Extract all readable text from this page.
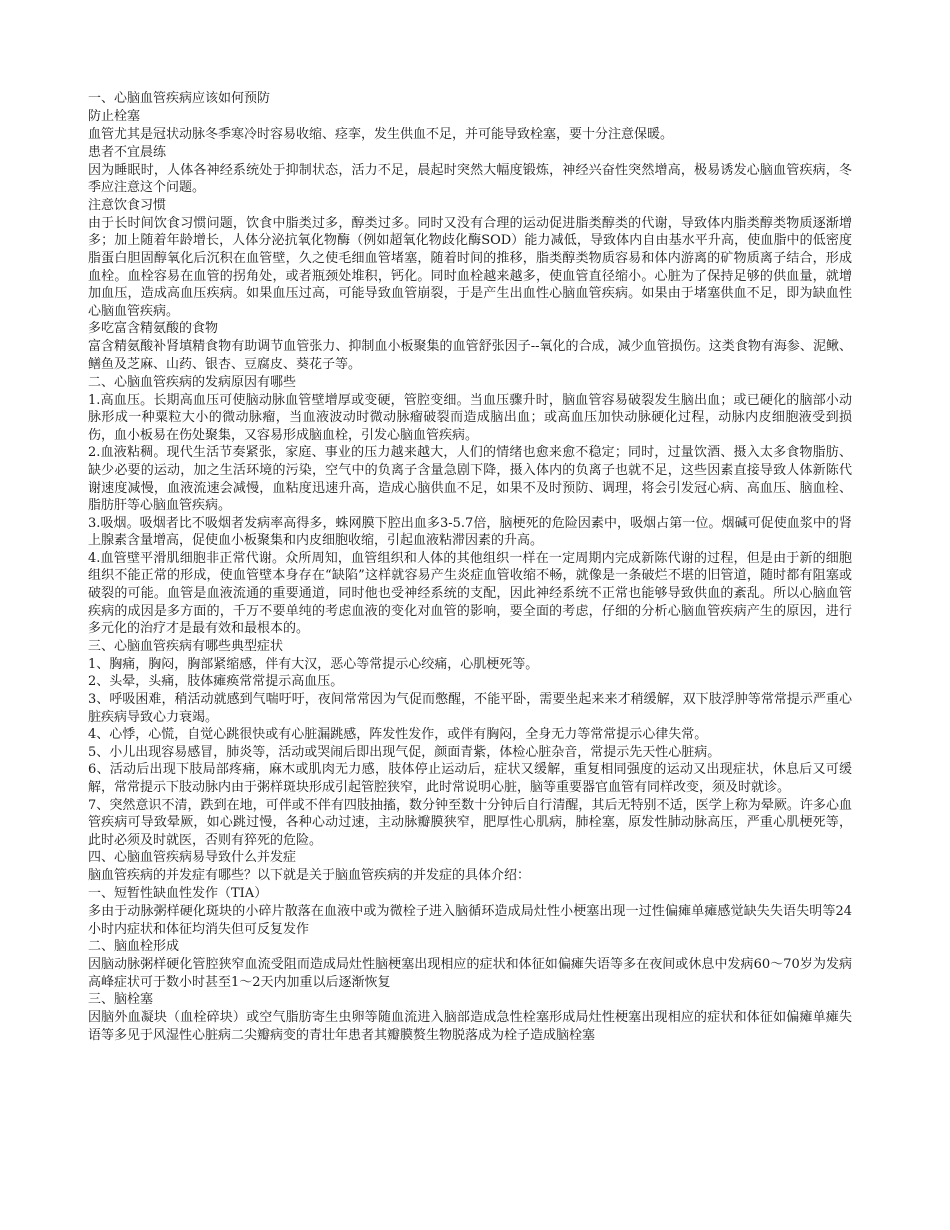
一、心脑血管疾病应该如何预防

防止栓塞

血管尤其是冠状动脉冬季寒冷时容易收缩、痉挛，发生供血不足，并可能导致栓塞，要十分注意保暖。

患者不宜晨练

因为睡眠时，人体各神经系统处于抑制状态，活力不足，晨起时突然大幅度锻炼，神经兴奋性突然增高，极易诱发心脑血管疾病，冬季应注意这个问题。

注意饮食习惯

由于长时间饮食习惯问题，饮食中脂类过多，醇类过多。同时又没有合理的运动促进脂类醇类的代谢，导致体内脂类醇类物质逐渐增多；加上随着年龄增长，人体分泌抗氧化物酶（例如超氧化物歧化酶SOD）能力减低，导致体内自由基水平升高，使血脂中的低密度脂蛋白胆固醇氧化后沉积在血管壁，久之使毛细血管堵塞，随着时间的推移，脂类醇类物质容易和体内游离的矿物质离子结合，形成血栓。血栓容易在血管的拐角处，或者瓶颈处堆积，钙化。同时血栓越来越多，使血管直径缩小。心脏为了保持足够的供血量，就增加血压，造成高血压疾病。如果血压过高，可能导致血管崩裂，于是产生出血性心脑血管疾病。如果由于堵塞供血不足，即为缺血性心脑血管疾病。

多吃富含精氨酸的食物

富含精氨酸补肾填精食物有助调节血管张力、抑制血小板聚集的血管舒张因子--氧化的合成，减少血管损伤。这类食物有海参、泥鳅、鳝鱼及芝麻、山药、银杏、豆腐皮、葵花子等。

二、心脑血管疾病的发病原因有哪些

1.高血压。长期高血压可使脑动脉血管壁增厚或变硬，管腔变细。当血压骤升时，脑血管容易破裂发生脑出血；或已硬化的脑部小动脉形成一种粟粒大小的微动脉瘤，当血液波动时微动脉瘤破裂而造成脑出血；或高血压加快动脉硬化过程，动脉内皮细胞液受到损伤，血小板易在伤处聚集，又容易形成脑血栓，引发心脑血管疾病。

2.血液粘稠。现代生活节奏紧张，家庭、事业的压力越来越大，人们的情绪也愈来愈不稳定；同时，过量饮酒、摄入太多食物脂肪、缺少必要的运动，加之生活环境的污染，空气中的负离子含量急剧下降，摄入体内的负离子也就不足，这些因素直接导致人体新陈代谢速度减慢，血液流速会减慢，血粘度迅速升高，造成心脑供血不足，如果不及时预防、调理，将会引发冠心病、高血压、脑血栓、脂肪肝等心脑血管疾病。

3.吸烟。吸烟者比不吸烟者发病率高得多，蛛网膜下腔出血多3-5.7倍，脑梗死的危险因素中，吸烟占第一位。烟碱可促使血浆中的肾上腺素含量增高，促使血小板聚集和内皮细胞收缩，引起血液粘滞因素的升高。

4.血管壁平滑肌细胞非正常代谢。众所周知，血管组织和人体的其他组织一样在一定周期内完成新陈代谢的过程，但是由于新的细胞组织不能正常的形成，使血管壁本身存在“缺陷”这样就容易产生炎症血管收缩不畅，就像是一条破烂不堪的旧管道，随时都有阻塞或破裂的可能。血管是血液流通的重要通道，同时他也受神经系统的支配，因此神经系统不正常也能够导致供血的紊乱。所以心脑血管疾病的成因是多方面的，千万不要单纯的考虑血液的变化对血管的影响，要全面的考虑，仔细的分析心脑血管疾病产生的原因，进行多元化的治疗才是最有效和最根本的。

三、心脑血管疾病有哪些典型症状

1、胸痛，胸闷，胸部紧缩感，伴有大汉，恶心等常提示心绞痛，心肌梗死等。

2、头晕，头痛，肢体瘫痪常常提示高血压。

3、呼吸困难，稍活动就感到气喘吁吁，夜间常常因为气促而憋醒，不能平卧，需要坐起来来才稍缓解，双下肢浮肿等常常提示严重心脏疾病导致心力衰竭。

4、心悸，心慌，自觉心跳很快或有心脏漏跳感，阵发性发作，或伴有胸闷，全身无力等常常提示心律失常。

5、小儿出现容易感冒，肺炎等，活动或哭闹后即出现气促，颜面青紫，体检心脏杂音，常提示先天性心脏病。

6、活动后出现下肢局部疼痛，麻木或肌肉无力感，肢体停止运动后，症状又缓解，重复相同强度的运动又出现症状，休息后又可缓解，常常提示下肢动脉内由于粥样斑块形成引起管腔狭窄，此时常说明心脏，脑等重要器官血管有同样改变，须及时就诊。

7、突然意识不清，跌到在地，可伴或不伴有四肢抽搐，数分钟至数十分钟后自行清醒，其后无特别不适，医学上称为晕厥。许多心血管疾病可导致晕厥，如心跳过慢，各种心动过速，主动脉瓣膜狭窄，肥厚性心肌病，肺栓塞，原发性肺动脉高压，严重心肌梗死等，此时必须及时就医，否则有猝死的危险。

四、心脑血管疾病易导致什么并发症

脑血管疾病的并发症有哪些？以下就是关于脑血管疾病的并发症的具体介绍：

一、短暂性缺血性发作（TIA）

多由于动脉粥样硬化斑块的小碎片散落在血液中或为微栓子进入脑循环造成局灶性小梗塞出现一过性偏瘫单瘫感觉缺失失语失明等24小时内症状和体征均消失但可反复发作

二、脑血栓形成

因脑动脉粥样硬化管腔狭窄血流受阻而造成局灶性脑梗塞出现相应的症状和体征如偏瘫失语等多在夜间或休息中发病60～70岁为发病高峰症状可于数小时甚至1～2天内加重以后逐渐恢复

三、脑栓塞

因脑外血凝块（血栓碎块）或空气脂肪寄生虫卵等随血流进入脑部造成急性栓塞形成局灶性梗塞出现相应的症状和体征如偏瘫单瘫失语等多见于风湿性心脏病二尖瓣病变的青壮年患者其瓣膜赘生物脱落成为栓子造成脑栓塞
